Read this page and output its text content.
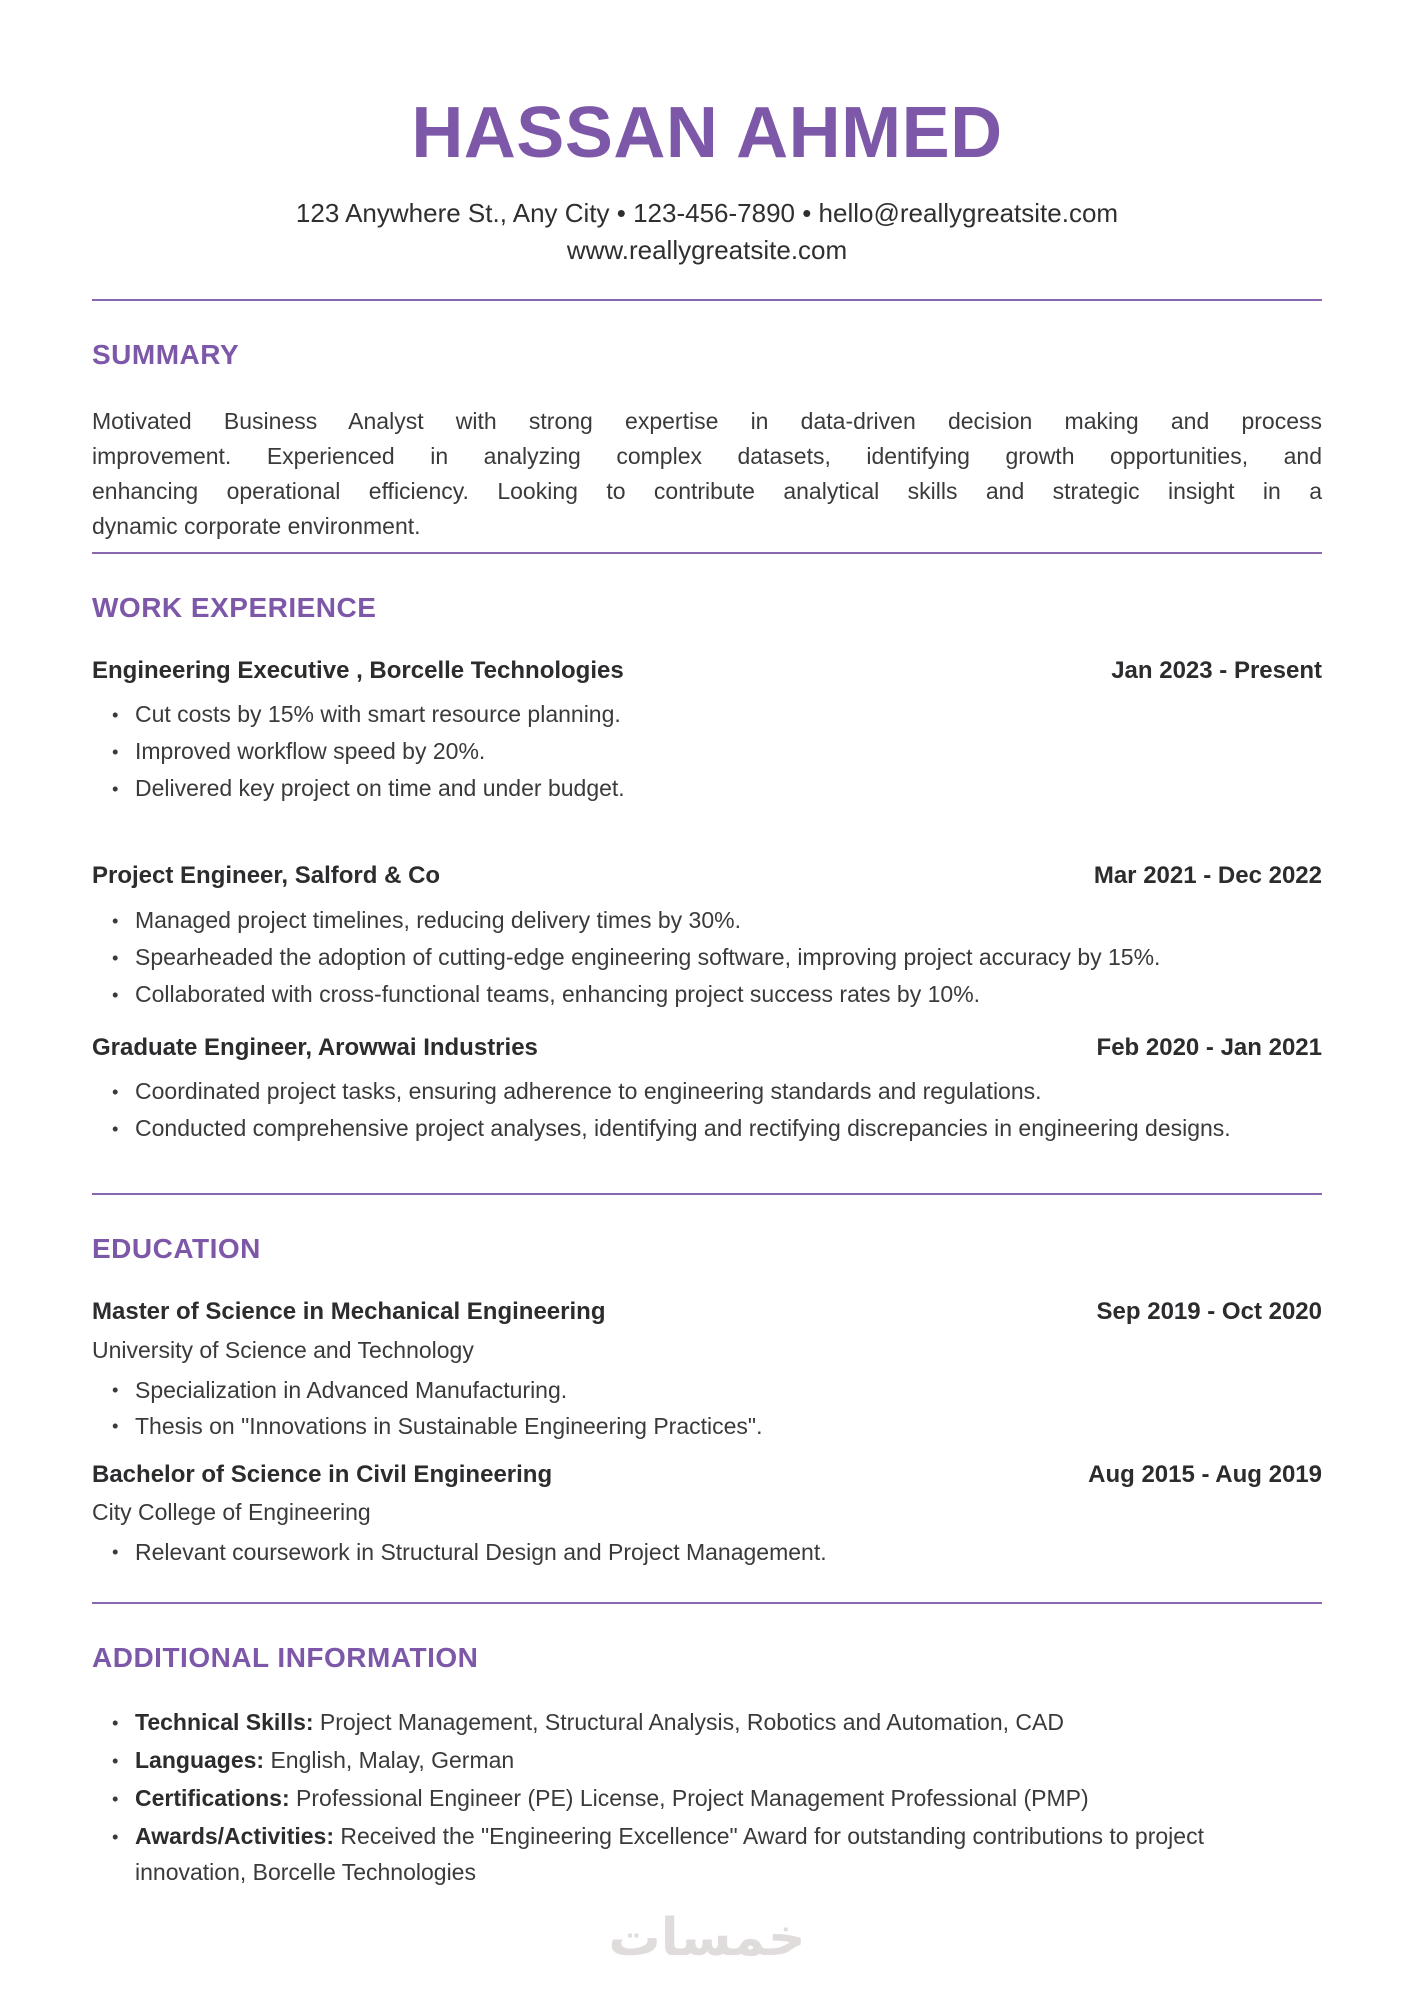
HASSAN AHMED
123 Anywhere St., Any City • 123-456-7890 • hello@reallygreatsite.com
www.reallygreatsite.com
SUMMARY
Motivated Business Analyst with strong expertise in data-driven decision making and process
improvement. Experienced in analyzing complex datasets, identifying growth opportunities, and
enhancing operational efficiency. Looking to contribute analytical skills and strategic insight in a
dynamic corporate environment.
WORK EXPERIENCE
Engineering Executive , Borcelle Technologies	Jan 2023 - Present
• Cut costs by 15% with smart resource planning.
• Improved workflow speed by 20%.
• Delivered key project on time and under budget.
Project Engineer, Salford & Co	Mar 2021 - Dec 2022
• Managed project timelines, reducing delivery times by 30%.
• Spearheaded the adoption of cutting-edge engineering software, improving project accuracy by 15%.
• Collaborated with cross-functional teams, enhancing project success rates by 10%.
Graduate Engineer, Arowwai Industries	Feb 2020 - Jan 2021
• Coordinated project tasks, ensuring adherence to engineering standards and regulations.
• Conducted comprehensive project analyses, identifying and rectifying discrepancies in engineering designs.
EDUCATION
Master of Science in Mechanical Engineering	Sep 2019 - Oct 2020
University of Science and Technology
• Specialization in Advanced Manufacturing.
• Thesis on "Innovations in Sustainable Engineering Practices".
Bachelor of Science in Civil Engineering	Aug 2015 - Aug 2019
City College of Engineering
• Relevant coursework in Structural Design and Project Management.
ADDITIONAL INFORMATION
• Technical Skills: Project Management, Structural Analysis, Robotics and Automation, CAD
• Languages: English, Malay, German
• Certifications: Professional Engineer (PE) License, Project Management Professional (PMP)
• Awards/Activities: Received the "Engineering Excellence" Award for outstanding contributions to project innovation, Borcelle Technologies
خمسات
